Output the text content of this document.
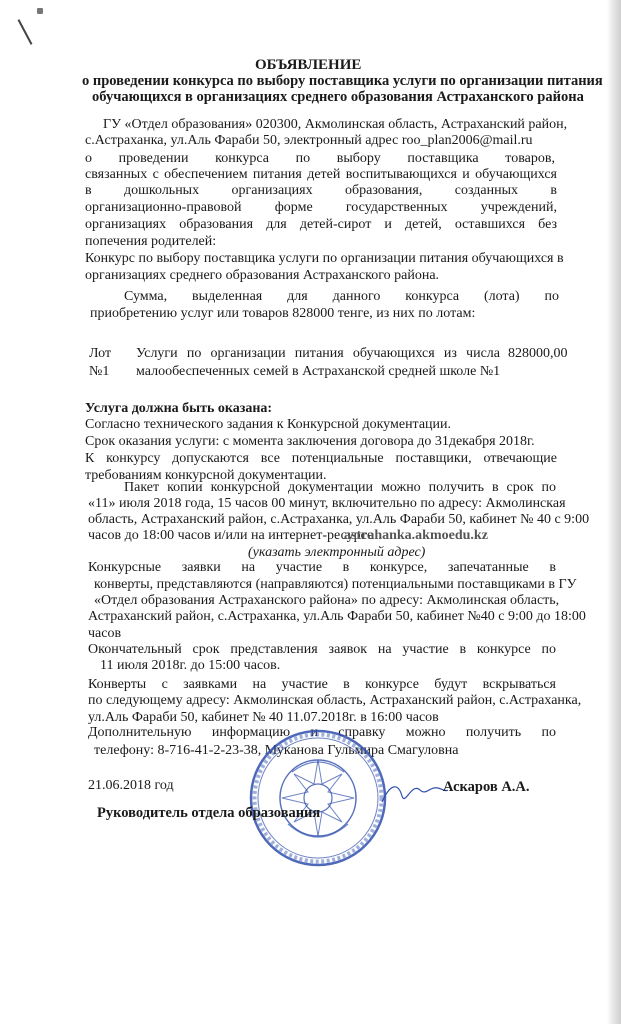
ОБЪЯВЛЕНИЕ
о проведении конкурса по выбору поставщика услуги по организации питания
обучающихся в организациях среднего образования Астраханского района
ГУ «Отдел образования» 020300, Акмолинская область, Астраханский район,
с.Астраханка, ул.Аль Фараби 50, электронный адрес roo_plan2006@mail.ru
о проведении конкурса по выбору поставщика товаров,
связанных с обеспечением питания детей воспитывающихся и обучающихся
в дошкольных организациях образования, созданных в
организационно-правовой форме государственных учреждений,
организациях образования для детей-сирот и детей, оставшихся без
попечения родителей:
Конкурс по выбору поставщика услуги по организации питания обучающихся в
организациях среднего образования Астраханского района.
Сумма, выделенная для данного конкурса (лота) по
приобретению услуг или товаров 828000 тенге, из них по лотам:
Лот
№1
Услуги по организации питания обучающихся из числа
малообеспеченных семей в Астраханской средней школе №1
828000,00
Услуга должна быть оказана:
Согласно технического задания к Конкурсной документации.
Срок оказания услуги: с момента заключения договора до 31декабря 2018г.
К конкурсу допускаются все потенциальные поставщики, отвечающие
требованиям конкурсной документации.
Пакет копии конкурсной документации можно получить в срок по
«11» июля 2018 года, 15 часов 00 минут, включительно по адресу: Акмолинская
область, Астраханский район, с.Астраханка, ул.Аль Фараби 50, кабинет № 40 с 9:00
часов до 18:00 часов и/или на интернет-ресурсе
astrahanka.akmoedu.kz
(указать электронный адрес)
Конкурсные заявки на участие в конкурсе, запечатанные в
конверты, представляются (направляются) потенциальными поставщиками в ГУ
«Отдел образования Астраханского района» по адресу: Акмолинская область,
Астраханский район, с.Астраханка, ул.Аль Фараби 50, кабинет №40 с 9:00 до 18:00
часов
Окончательный срок представления заявок на участие в конкурсе по
11 июля 2018г. до 15:00 часов.
Конверты с заявками на участие в конкурсе будут вскрываться
по следующему адресу: Акмолинская область, Астраханский район, с.Астраханка,
ул.Аль Фараби 50, кабинет № 40 11.07.2018г. в 16:00 часов
Дополнительную информацию и справку можно получить по
телефону: 8-716-41-2-23-38, Муканова Гульмира Смагуловна
21.06.2018 год
Руководитель отдела образования
Аскаров А.А.
